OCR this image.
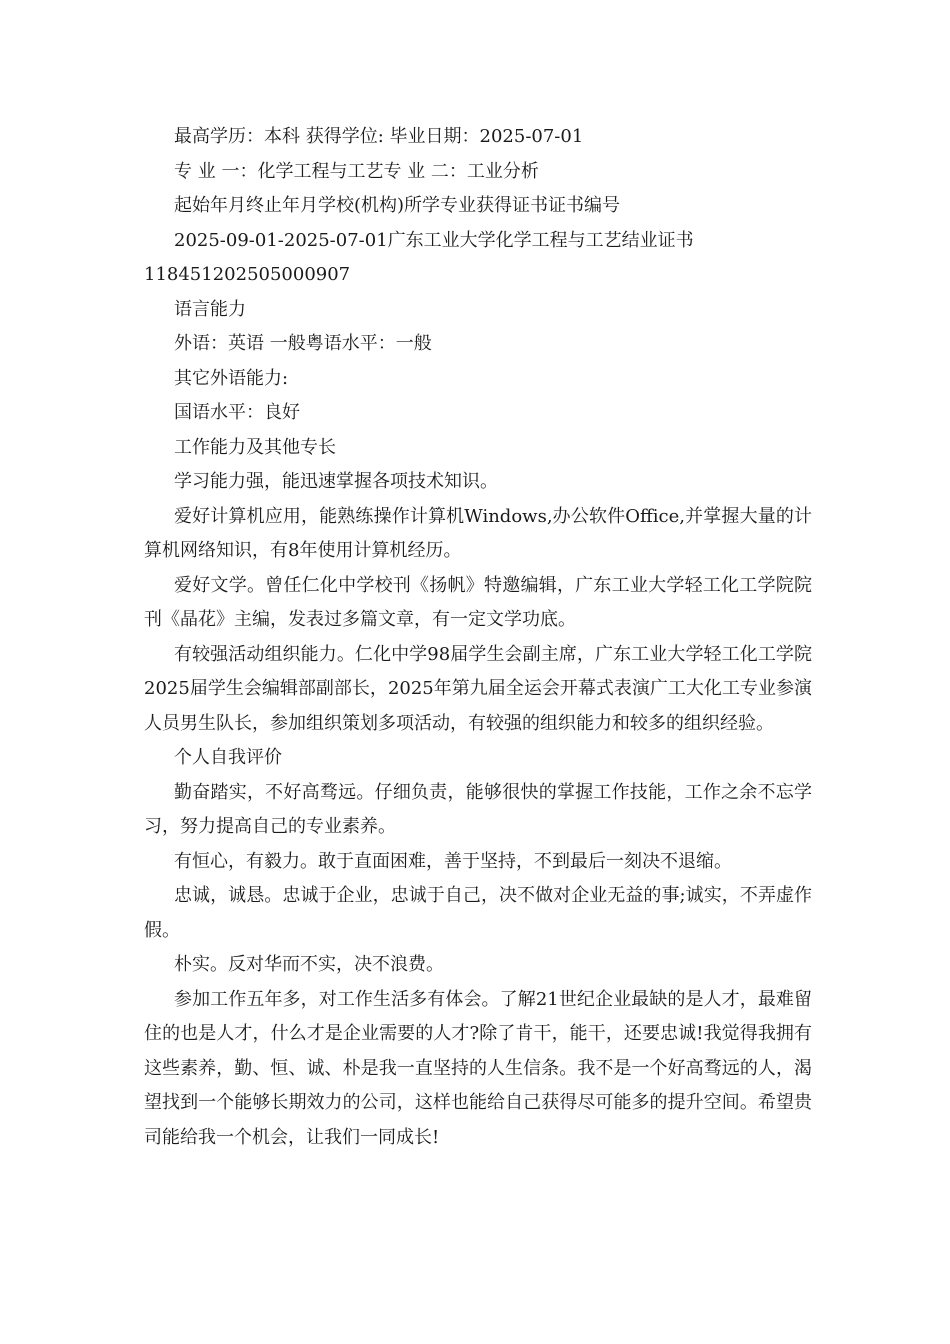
最高学历：本科 获得学位: 毕业日期：2025-07-01

专 业 一：化学工程与工艺专 业 二：工业分析

起始年月终止年月学校(机构)所学专业获得证书证书编号

2025-09-01-2025-07-01广东工业大学化学工程与工艺结业证书

118451202505000907

语言能力

外语：英语 一般粤语水平：一般

其它外语能力:

国语水平：良好

工作能力及其他专长

学习能力强，能迅速掌握各项技术知识。

爱好计算机应用，能熟练操作计算机Windows,办公软件Office,并掌握大量的计算机网络知识，有8年使用计算机经历。

爱好文学。曾任仁化中学校刊《扬帆》特邀编辑，广东工业大学轻工化工学院院刊《晶花》主编，发表过多篇文章，有一定文学功底。

有较强活动组织能力。仁化中学98届学生会副主席，广东工业大学轻工化工学院2025届学生会编辑部副部长，2025年第九届全运会开幕式表演广工大化工专业参演人员男生队长，参加组织策划多项活动，有较强的组织能力和较多的组织经验。

个人自我评价

勤奋踏实，不好高骛远。仔细负责，能够很快的掌握工作技能，工作之余不忘学习，努力提高自己的专业素养。

有恒心，有毅力。敢于直面困难，善于坚持，不到最后一刻决不退缩。

忠诚，诚恳。忠诚于企业，忠诚于自己，决不做对企业无益的事;诚实，不弄虚作假。

朴实。反对华而不实，决不浪费。

参加工作五年多，对工作生活多有体会。了解21世纪企业最缺的是人才，最难留住的也是人才，什么才是企业需要的人才?除了肯干，能干，还要忠诚!我觉得我拥有这些素养，勤、恒、诚、朴是我一直坚持的人生信条。我不是一个好高骛远的人，渴望找到一个能够长期效力的公司，这样也能给自己获得尽可能多的提升空间。希望贵司能给我一个机会，让我们一同成长!
